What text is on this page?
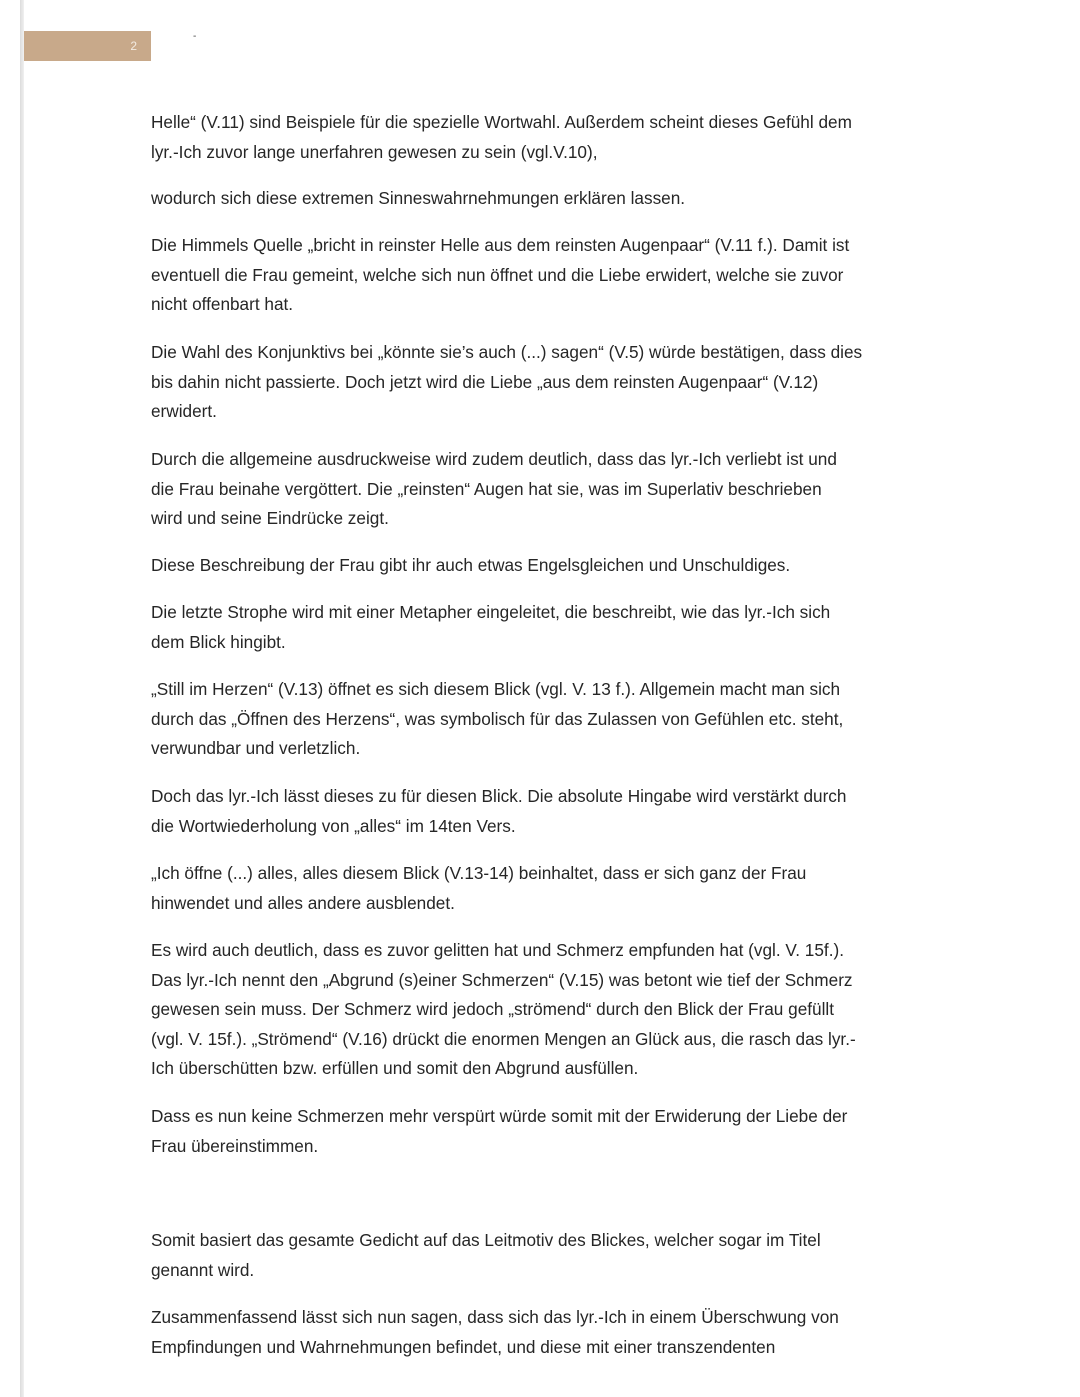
2
-
Helle“ (V.11) sind Beispiele für die spezielle Wortwahl. Außerdem scheint dieses Gefühl dem
lyr.-Ich zuvor lange unerfahren gewesen zu sein (vgl.V.10),
wodurch sich diese extremen Sinneswahrnehmungen erklären lassen.
Die Himmels Quelle „bricht in reinster Helle aus dem reinsten Augenpaar“ (V.11 f.). Damit ist
eventuell die Frau gemeint, welche sich nun öffnet und die Liebe erwidert, welche sie zuvor
nicht offenbart hat.
Die Wahl des Konjunktivs bei „könnte sie’s auch (...) sagen“ (V.5) würde bestätigen, dass dies
bis dahin nicht passierte. Doch jetzt wird die Liebe „aus dem reinsten Augenpaar“ (V.12)
erwidert.
Durch die allgemeine ausdruckweise wird zudem deutlich, dass das lyr.-Ich verliebt ist und
die Frau beinahe vergöttert. Die „reinsten“ Augen hat sie, was im Superlativ beschrieben
wird und seine Eindrücke zeigt.
Diese Beschreibung der Frau gibt ihr auch etwas Engelsgleichen und Unschuldiges.
Die letzte Strophe wird mit einer Metapher eingeleitet, die beschreibt, wie das lyr.-Ich sich
dem Blick hingibt.
„Still im Herzen“ (V.13) öffnet es sich diesem Blick (vgl. V. 13 f.). Allgemein macht man sich
durch das „Öffnen des Herzens“, was symbolisch für das Zulassen von Gefühlen etc. steht,
verwundbar und verletzlich.
Doch das lyr.-Ich lässt dieses zu für diesen Blick. Die absolute Hingabe wird verstärkt durch
die Wortwiederholung von „alles“ im 14ten Vers.
„Ich öffne (...) alles, alles diesem Blick (V.13-14) beinhaltet, dass er sich ganz der Frau
hinwendet und alles andere ausblendet.
Es wird auch deutlich, dass es zuvor gelitten hat und Schmerz empfunden hat (vgl. V. 15f.).
Das lyr.-Ich nennt den „Abgrund (s)einer Schmerzen“ (V.15) was betont wie tief der Schmerz
gewesen sein muss. Der Schmerz wird jedoch „strömend“ durch den Blick der Frau gefüllt
(vgl. V. 15f.). „Strömend“ (V.16) drückt die enormen Mengen an Glück aus, die rasch das lyr.-
Ich überschütten bzw. erfüllen und somit den Abgrund ausfüllen.
Dass es nun keine Schmerzen mehr verspürt würde somit mit der Erwiderung der Liebe der
Frau übereinstimmen.
Somit basiert das gesamte Gedicht auf das Leitmotiv des Blickes, welcher sogar im Titel
genannt wird.
Zusammenfassend lässt sich nun sagen, dass sich das lyr.-Ich in einem Überschwung von
Empfindungen und Wahrnehmungen befindet, und diese mit einer transzendenten
